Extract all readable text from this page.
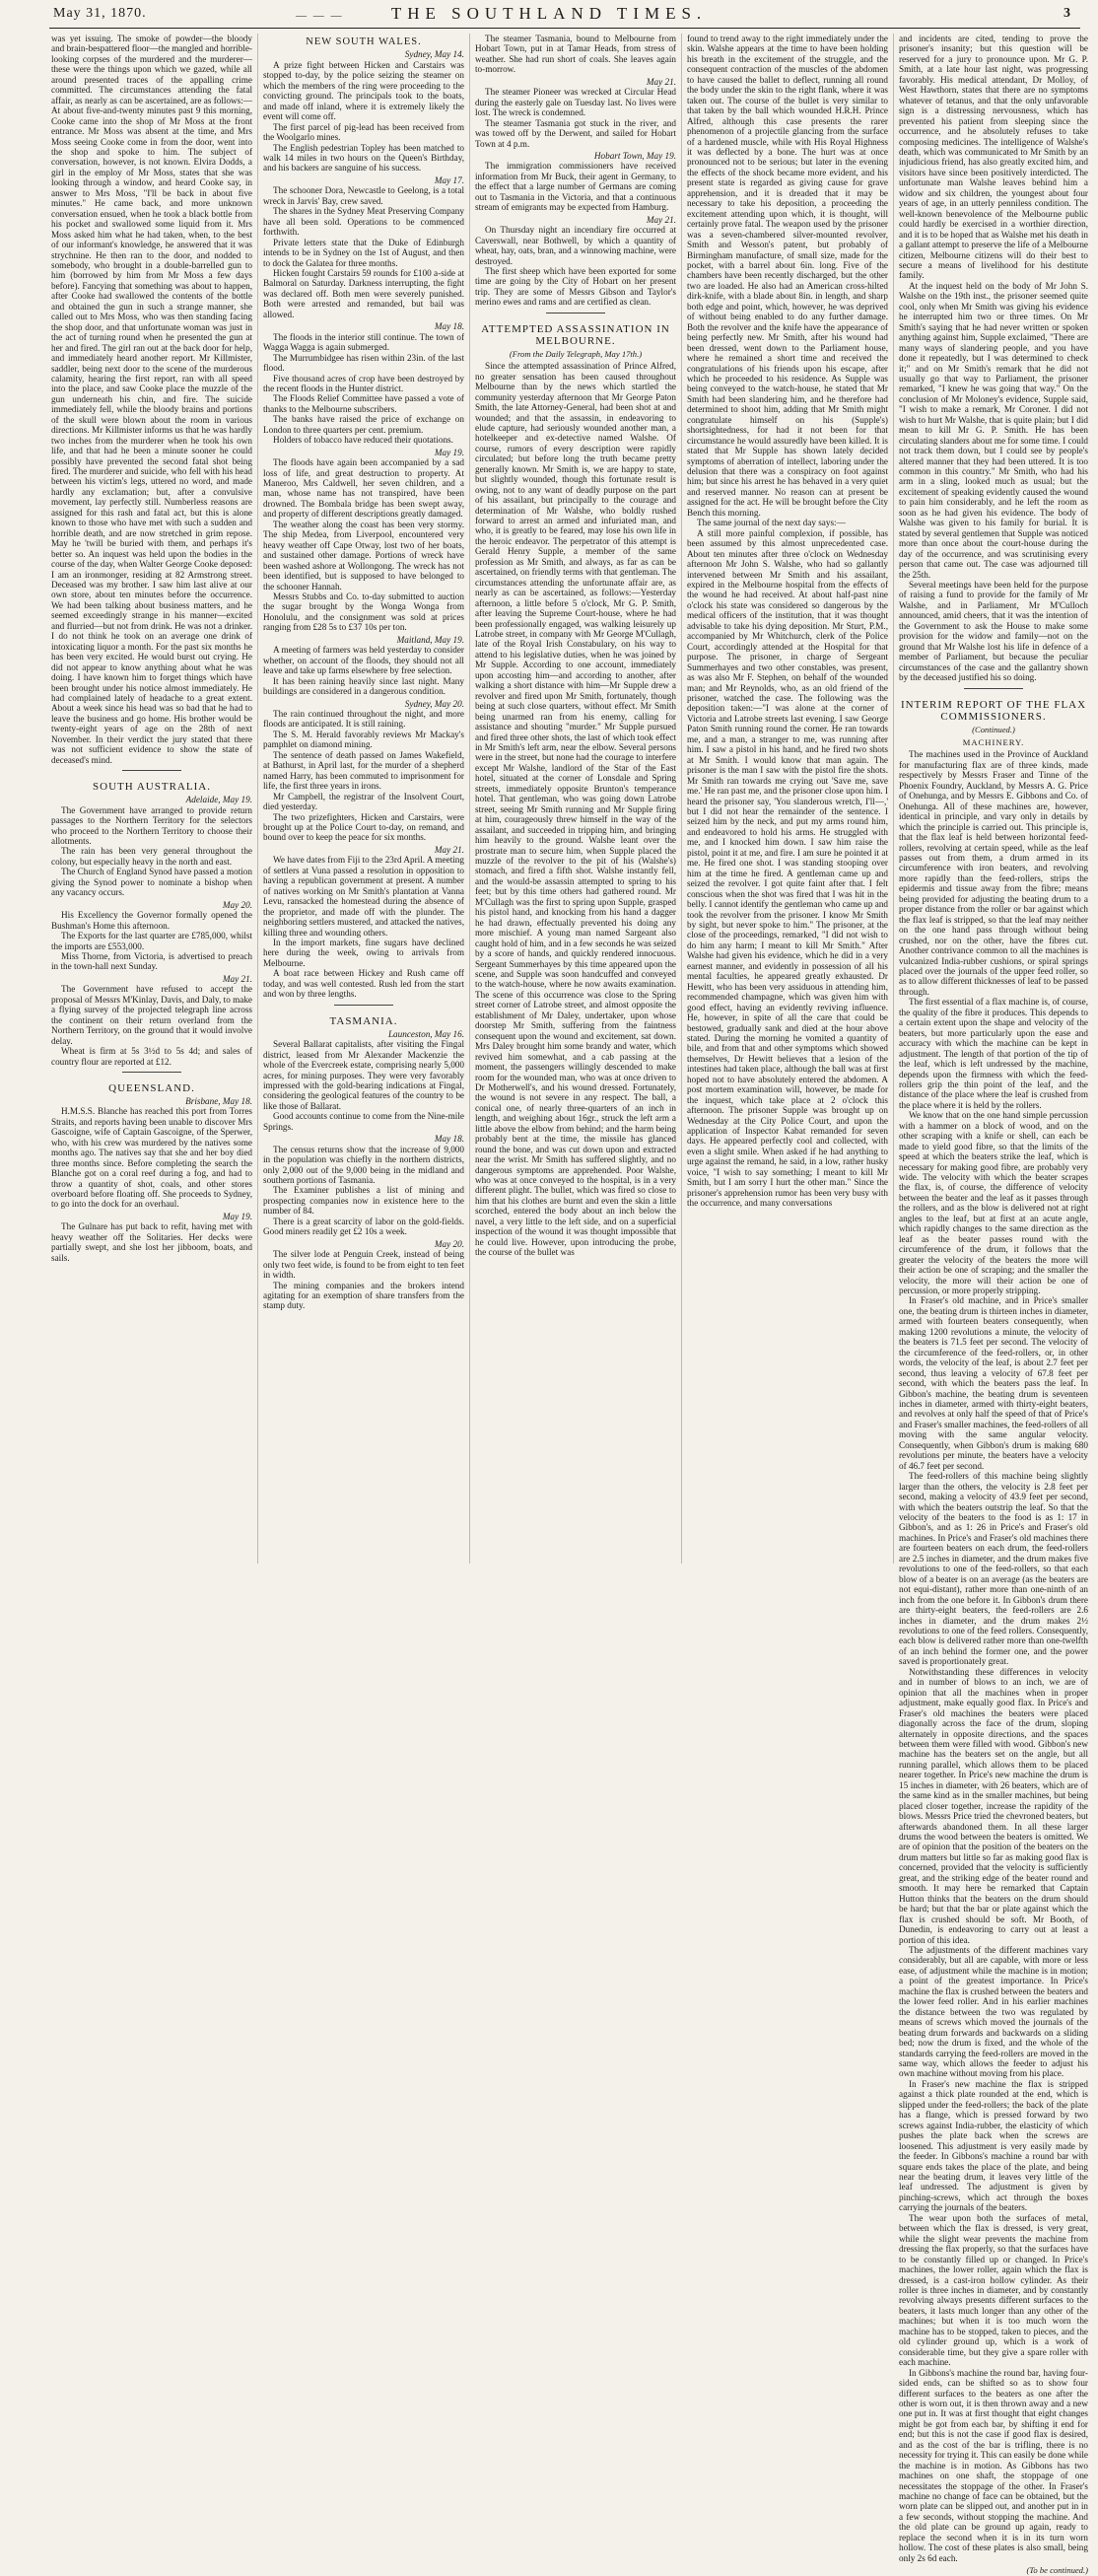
May 31, 1870.	— — —	THE SOUTHLAND TIMES.	3

was yet issuing. The smoke of powder—the bloody and brain-bespattered floor—the mangled and horrible-looking corpses of the murdered and the murderer—these were the things upon which we gazed, while all around presented traces of the appalling crime committed. The circumstances attending the fatal affair, as nearly as can be ascertained, are as follows:—At about five-and-twenty minutes past 9 this morning, Cooke came into the shop of Mr Moss at the front entrance. Mr Moss was absent at the time, and Mrs Moss seeing Cooke come in from the door, went into the shop and spoke to him. The subject of conversation, however, is not known. Elvira Dodds, a girl in the employ of Mr Moss, states that she was looking through a window, and heard Cooke say, in answer to Mrs Moss, "I'll be back in about five minutes." He came back, and more unknown conversation ensued, when he took a black bottle from his pocket and swallowed some liquid from it. Mrs Moss asked him what he had taken, when, to the best of our informant's knowledge, he answered that it was strychnine. He then ran to the door, and nodded to somebody, who brought in a double-barrelled gun to him (borrowed by him from Mr Moss a few days before). Fancying that something was about to happen, after Cooke had swallowed the contents of the bottle and obtained the gun in such a strange manner, she called out to Mrs Moss, who was then standing facing the shop door, and that unfortunate woman was just in the act of turning round when he presented the gun at her and fired. The girl ran out at the back door for help, and immediately heard another report. Mr Killmister, saddler, being next door to the scene of the murderous calamity, hearing the first report, ran with all speed into the place, and saw Cooke place the muzzle of the gun underneath his chin, and fire. The suicide immediately fell, while the bloody brains and portions of the skull were blown about the room in various directions. Mr Killmister informs us that he was hardly two inches from the murderer when he took his own life, and that had he been a minute sooner he could possibly have prevented the second fatal shot being fired. The murderer and suicide, who fell with his head between his victim's legs, uttered no word, and made hardly any exclamation; but, after a convulsive movement, lay perfectly still. Numberless reasons are assigned for this rash and fatal act, but this is alone known to those who have met with such a sudden and horrible death, and are now stretched in grim repose. May he 'twill be buried with them, and perhaps it's better so. An inquest was held upon the bodies in the course of the day, when Walter George Cooke deposed: I am an ironmonger, residing at 82 Armstrong street. Deceased was my brother. I saw him last alive at our own store, about ten minutes before the occurrence. We had been talking about business matters, and he seemed exceedingly strange in his manner—excited and flurried—but not from drink. He was not a drinker. I do not think he took on an average one drink of intoxicating liquor a month. For the past six months he has been very excited. He would burst out crying. He did not appear to know anything about what he was doing. I have known him to forget things which have been brought under his notice almost immediately. He had complained lately of headache to a great extent. About a week since his head was so bad that he had to leave the business and go home. His brother would be twenty-eight years of age on the 28th of next November. In their verdict the jury stated that there was not sufficient evidence to show the state of deceased's mind.

SOUTH AUSTRALIA.
Adelaide, May 19.

The Government have arranged to provide return passages to the Northern Territory for the selectors who proceed to the Northern Territory to choose their allotments.

The rain has been very general throughout the colony, but especially heavy in the north and east.

The Church of England Synod have passed a motion giving the Synod power to nominate a bishop when any vacancy occurs.

May 20.

His Excellency the Governor formally opened the Bushman's Home this afternoon.

The Exports for the last quarter are £785,000, whilst the imports are £553,000.

Miss Thorne, from Victoria, is advertised to preach in the town-hall next Sunday.

May 21.

The Government have refused to accept the proposal of Messrs M'Kinlay, Davis, and Daly, to make a flying survey of the projected telegraph line across the continent on their return overland from the Northern Territory, on the ground that it would involve delay.

Wheat is firm at 5s 3½d to 5s 4d; and sales of country flour are reported at £12.

QUEENSLAND.
Brisbane, May 18.

H.M.S.S. Blanche has reached this port from Torres Straits, and reports having been unable to discover Mrs Gascoigne, wife of Captain Gascoigne, of the Sperwer, who, with his crew was murdered by the natives some months ago. The natives say that she and her boy died three months since. Before completing the search the Blanche got on a coral reef during a fog, and had to throw a quantity of shot, coals, and other stores overboard before floating off. She proceeds to Sydney, to go into the dock for an overhaul.

May 19.

The Gulnare has put back to refit, having met with heavy weather off the Solitaries. Her decks were partially swept, and she lost her jibboom, boats, and sails.

NEW SOUTH WALES.
Sydney, May 14.

A prize fight between Hicken and Carstairs was stopped to-day, by the police seizing the steamer on which the members of the ring were proceeding to the convicting ground. The principals took to the boats, and made off inland, where it is extremely likely the event will come off.

The first parcel of pig-lead has been received from the Woolgarlo mines.

The English pedestrian Topley has been matched to walk 14 miles in two hours on the Queen's Birthday, and his backers are sanguine of his success.

May 17.

The schooner Dora, Newcastle to Geelong, is a total wreck in Jarvis' Bay, crew saved.

The shares in the Sydney Meat Preserving Company have all been sold. Operations to be commenced forthwith.

Private letters state that the Duke of Edinburgh intends to be in Sydney on the 1st of August, and then to dock the Galatea for three months.

Hicken fought Carstairs 59 rounds for £100 a-side at Balmoral on Saturday. Darkness interrupting, the fight was declared off. Both men were severely punished. Both were arrested and remanded, but bail was allowed.

May 18.

The floods in the interior still continue. The town of Wagga Wagga is again submerged.

The Murrumbidgee has risen within 23in. of the last flood.

Five thousand acres of crop have been destroyed by the recent floods in the Hunter district.

The Floods Relief Committee have passed a vote of thanks to the Melbourne subscribers.

The banks have raised the price of exchange on London to three quarters per cent. premium.

Holders of tobacco have reduced their quotations.

May 19.

The floods have again been accompanied by a sad loss of life, and great destruction to property. At Maneroo, Mrs Caldwell, her seven children, and a man, whose name has not transpired, have been drowned. The Bombala bridge has been swept away, and property of different descriptions greatly damaged.

The weather along the coast has been very stormy. The ship Medea, from Liverpool, encountered very heavy weather off Cape Otway, lost two of her boats, and sustained other damage. Portions of wreck have been washed ashore at Wollongong. The wreck has not been identified, but is supposed to have belonged to the schooner Hannah.

Messrs Stubbs and Co. to-day submitted to auction the sugar brought by the Wonga Wonga from Honolulu, and the consignment was sold at prices ranging from £28 5s to £37 10s per ton.

Maitland, May 19.

A meeting of farmers was held yesterday to consider whether, on account of the floods, they should not all leave and take up farms elsewhere by free selection.

It has been raining heavily since last night. Many buildings are considered in a dangerous condition.

Sydney, May 20.

The rain continued throughout the night, and more floods are anticipated. It is still raining.

The S. M. Herald favorably reviews Mr Mackay's pamphlet on diamond mining.

The sentence of death passed on James Wakefield, at Bathurst, in April last, for the murder of a shepherd named Harry, has been commuted to imprisonment for life, the first three years in irons.

Mr Campbell, the registrar of the Insolvent Court, died yesterday.

The two prizefighters, Hicken and Carstairs, were brought up at the Police Court to-day, on remand, and bound over to keep the peace for six months.

May 21.

We have dates from Fiji to the 23rd April. A meeting of settlers at Vuna passed a resolution in opposition to having a republican government at present. A number of natives working on Mr Smith's plantation at Vanna Levu, ransacked the homestead during the absence of the proprietor, and made off with the plunder. The neighboring settlers mustered, and attacked the natives, killing three and wounding others.

In the import markets, fine sugars have declined here during the week, owing to arrivals from Melbourne.

A boat race between Hickey and Rush came off today, and was well contested. Rush led from the start and won by three lengths.

TASMANIA.
Launceston, May 16.

Several Ballarat capitalists, after visiting the Fingal district, leased from Mr Alexander Mackenzie the whole of the Evercreek estate, comprising nearly 5,000 acres, for mining purposes. They were very favorably impressed with the gold-bearing indications at Fingal, considering the geological features of the country to be like those of Ballarat.

Good accounts continue to come from the Nine-mile Springs.

May 18.

The census returns show that the increase of 9,000 in the population was chiefly in the northern districts, only 2,000 out of the 9,000 being in the midland and southern portions of Tasmania.

The Examiner publishes a list of mining and prospecting companies now in existence here to the number of 84.

There is a great scarcity of labor on the gold-fields. Good miners readily get £2 10s a week.

May 20.

The silver lode at Penguin Creek, instead of being only two feet wide, is found to be from eight to ten feet in width.

The mining companies and the brokers intend agitating for an exemption of share transfers from the stamp duty.

The steamer Tasmania, bound to Melbourne from Hobart Town, put in at Tamar Heads, from stress of weather. She had run short of coals. She leaves again to-morrow.

May 21.

The steamer Pioneer was wrecked at Circular Head during the easterly gale on Tuesday last. No lives were lost. The wreck is condemned.

The steamer Tasmania got stuck in the river, and was towed off by the Derwent, and sailed for Hobart Town at 4 p.m.

Hobart Town, May 19.

The immigration commissioners have received information from Mr Buck, their agent in Germany, to the effect that a large number of Germans are coming out to Tasmania in the Victoria, and that a continuous stream of emigrants may be expected from Hamburg.

May 21.

On Thursday night an incendiary fire occurred at Caverswall, near Bothwell, by which a quantity of wheat, hay, oats, bran, and a winnowing machine, were destroyed.

The first sheep which have been exported for some time are going by the City of Hobart on her present trip. They are some of Messrs Gibson and Taylor's merino ewes and rams and are certified as clean.

ATTEMPTED ASSASSINATION IN MELBOURNE.
(From the Daily Telegraph, May 17th.)

Since the attempted assassination of Prince Alfred, no greater sensation has been caused throughout Melbourne than by the news which startled the community yesterday afternoon that Mr George Paton Smith, the late Attorney-General, had been shot at and wounded; and that the assassin, in endeavoring to elude capture, had seriously wounded another man, a hotelkeeper and ex-detective named Walshe. Of course, rumors of every description were rapidly circulated; but before long the truth became pretty generally known. Mr Smith is, we are happy to state, but slightly wounded, though this fortunate result is owing, not to any want of deadly purpose on the part of his assailant, but principally to the courage and determination of Mr Walshe, who boldly rushed forward to arrest an armed and infuriated man, and who, it is greatly to be feared, may lose his own life in the heroic endeavor. The perpetrator of this attempt is Gerald Henry Supple, a member of the same profession as Mr Smith, and always, as far as can be ascertained, on friendly terms with that gentleman. The circumstances attending the unfortunate affair are, as nearly as can be ascertained, as follows:—Yesterday afternoon, a little before 5 o'clock, Mr G. P. Smith, after leaving the Supreme Court-house, where he had been professionally engaged, was walking leisurely up Latrobe street, in company with Mr George M'Cullagh, late of the Royal Irish Constabulary, on his way to attend to his legislative duties, when he was joined by Mr Supple. According to one account, immediately upon accosting him—and according to another, after walking a short distance with him—Mr Supple drew a revolver and fired upon Mr Smith, fortunately, though being at such close quarters, without effect. Mr Smith being unarmed ran from his enemy, calling for assistance and shouting "murder." Mr Supple pursued and fired three other shots, the last of which took effect in Mr Smith's left arm, near the elbow. Several persons were in the street, but none had the courage to interfere except Mr Walshe, landlord of the Star of the East hotel, situated at the corner of Lonsdale and Spring streets, immediately opposite Brunton's temperance hotel. That gentleman, who was going down Latrobe street, seeing Mr Smith running and Mr Supple firing at him, courageously threw himself in the way of the assailant, and succeeded in tripping him, and bringing him heavily to the ground. Walshe leant over the prostrate man to secure him, when Supple placed the muzzle of the revolver to the pit of his (Walshe's) stomach, and fired a fifth shot. Walshe instantly fell, and the would-be assassin attempted to spring to his feet; but by this time others had gathered round. Mr M'Cullagh was the first to spring upon Supple, grasped his pistol hand, and knocking from his hand a dagger he had drawn, effectually prevented his doing any more mischief. A young man named Sargeant also caught hold of him, and in a few seconds he was seized by a score of hands, and quickly rendered innocuous. Sergeant Summerhayes by this time appeared upon the scene, and Supple was soon handcuffed and conveyed to the watch-house, where he now awaits examination. The scene of this occurrence was close to the Spring street corner of Latrobe street, and almost opposite the establishment of Mr Daley, undertaker, upon whose doorstep Mr Smith, suffering from the faintness consequent upon the wound and excitement, sat down. Mrs Daley brought him some brandy and water, which revived him somewhat, and a cab passing at the moment, the passengers willingly descended to make room for the wounded man, who was at once driven to Dr Motherwell's, and his wound dressed. Fortunately, the wound is not severe in any respect. The ball, a conical one, of nearly three-quarters of an inch in length, and weighing about 16gr., struck the left arm a little above the elbow from behind; and the harm being probably bent at the time, the missile has glanced round the bone, and was cut down upon and extracted near the wrist. Mr Smith has suffered slightly, and no dangerous symptoms are apprehended. Poor Walshe, who was at once conveyed to the hospital, is in a very different plight. The bullet, which was fired so close to him that his clothes are burnt and even the skin a little scorched, entered the body about an inch below the navel, a very little to the left side, and on a superficial inspection of the wound it was thought impossible that he could live. However, upon introducing the probe, the course of the bullet was

found to trend away to the right immediately under the skin. Walshe appears at the time to have been holding his breath in the excitement of the struggle, and the consequent contraction of the muscles of the abdomen to have caused the ballet to deflect, running all round the body under the skin to the right flank, where it was taken out. The course of the bullet is very similar to that taken by the ball which wounded H.R.H. Prince Alfred, although this case presents the rarer phenomenon of a projectile glancing from the surface of a hardened muscle, while with His Royal Highness it was deflected by a bone. The hurt was at once pronounced not to be serious; but later in the evening the effects of the shock became more evident, and his present state is regarded as giving cause for grave apprehension, and it is dreaded that it may be necessary to take his deposition, a proceeding the excitement attending upon which, it is thought, will certainly prove fatal. The weapon used by the prisoner was a seven-chambered silver-mounted revolver, Smith and Wesson's patent, but probably of Birmingham manufacture, of small size, made for the pocket, with a barrel about 6in. long. Five of the chambers have been recently discharged, but the other two are loaded. He also had an American cross-hilted dirk-knife, with a blade about 8in. in length, and sharp both edge and point, which, however, he was deprived of without being enabled to do any further damage. Both the revolver and the knife have the appearance of being perfectly new. Mr Smith, after his wound had been dressed, went down to the Parliament house, where he remained a short time and received the congratulations of his friends upon his escape, after which he proceeded to his residence. As Supple was being conveyed to the watch-house, he stated that Mr Smith had been slandering him, and he therefore had determined to shoot him, adding that Mr Smith might congratulate himself on his (Supple's) shortsightedness, for had it not been for that circumstance he would assuredly have been killed. It is stated that Mr Supple has shown lately decided symptoms of aberration of intellect, laboring under the delusion that there was a conspiracy on foot against him; but since his arrest he has behaved in a very quiet and reserved manner. No reason can at present be assigned for the act. He will be brought before the City Bench this morning.

The same journal of the next day says:—

A still more painful complexion, if possible, has been assumed by this almost unprecedented case. About ten minutes after three o'clock on Wednesday afternoon Mr John S. Walshe, who had so gallantly intervened between Mr Smith and his assailant, expired in the Melbourne hospital from the effects of the wound he had received. At about half-past nine o'clock his state was considered so dangerous by the medical officers of the institution, that it was thought advisable to take his dying deposition. Mr Sturt, P.M., accompanied by Mr Whitchurch, clerk of the Police Court, accordingly attended at the Hospital for that purpose. The prisoner, in charge of Sergeant Summerhayes and two other constables, was present, as was also Mr F. Stephen, on behalf of the wounded man; and Mr Reynolds, who, as an old friend of the prisoner, watched the case. The following was the deposition taken:—"I was alone at the corner of Victoria and Latrobe streets last evening. I saw George Paton Smith running round the corner. He ran towards me, and a man, a stranger to me, was running after him. I saw a pistol in his hand, and he fired two shots at Mr Smith. I would know that man again. The prisoner is the man I saw with the pistol fire the shots. Mr Smith ran towards me crying out 'Save me, save me.' He ran past me, and the prisoner close upon him. I heard the prisoner say, 'You slanderous wretch, I'll—,' but I did not hear the remainder of the sentence. I seized him by the neck, and put my arms round him, and endeavored to hold his arms. He struggled with me, and I knocked him down. I saw him raise the pistol, point it at me, and fire. I am sure he pointed it at me. He fired one shot. I was standing stooping over him at the time he fired. A gentleman came up and seized the revolver. I got quite faint after that. I felt conscious when the shot was fired that I was hit in the belly. I cannot identify the gentleman who came up and took the revolver from the prisoner. I know Mr Smith by sight, but never spoke to him." The prisoner, at the close of the proceedings, remarked, "I did not wish to do him any harm; I meant to kill Mr Smith." After Walshe had given his evidence, which he did in a very earnest manner, and evidently in possession of all his mental faculties, he appeared greatly exhausted. Dr Hewitt, who has been very assiduous in attending him, recommended champagne, which was given him with good effect, having an evidently reviving influence. He, however, in spite of all the care that could be bestowed, gradually sank and died at the hour above stated. During the morning he vomited a quantity of bile, and from that and other symptoms which showed themselves, Dr Hewitt believes that a lesion of the intestines had taken place, although the ball was at first hoped not to have absolutely entered the abdomen. A post mortem examination will, however, be made for the inquest, which take place at 2 o'clock this afternoon. The prisoner Supple was brought up on Wednesday at the City Police Court, and upon the application of Inspector Kabat remanded for seven days. He appeared perfectly cool and collected, with even a slight smile. When asked if he had anything to urge against the remand, he said, in a low, rather husky voice, "I wish to say something; I meant to kill Mr Smith, but I am sorry I hurt the other man." Since the prisoner's apprehension rumor has been very busy with the occurrence, and many conversations

and incidents are cited, tending to prove the prisoner's insanity; but this question will be reserved for a jury to pronounce upon. Mr G. P. Smith, at a late hour last night, was progressing favorably. His medical attendant, Dr Molloy, of West Hawthorn, states that there are no symptoms whatever of tetanus, and that the only unfavorable sign is a distressing nervousness, which has prevented his patient from sleeping since the occurrence, and he absolutely refuses to take composing medicines. The intelligence of Walshe's death, which was communicated to Mr Smith by an injudicious friend, has also greatly excited him, and visitors have since been positively interdicted. The unfortunate man Walshe leaves behind him a widow and six children, the youngest about four years of age, in an utterly penniless condition. The well-known benevolence of the Melbourne public could hardly be exercised in a worthier direction, and it is to be hoped that as Walshe met his death in a gallant attempt to preserve the life of a Melbourne citizen, Melbourne citizens will do their best to secure a means of livelihood for his destitute family.

At the inquest held on the body of Mr John S. Walshe on the 19th inst., the prisoner seemed quite cool, only when Mr Smith was giving his evidence he interrupted him two or three times. On Mr Smith's saying that he had never written or spoken anything against him, Supple exclaimed, "There are many ways of slandering people, and you have done it repeatedly, but I was determined to check it;" and on Mr Smith's remark that he did not usually go that way to Parliament, the prisoner remarked, "I knew he was going that way." On the conclusion of Mr Moloney's evidence, Supple said, "I wish to make a remark, Mr Coroner. I did not wish to hurt Mr Walshe, that is quite plain; but I did mean to kill Mr G. P. Smith. He has been circulating slanders about me for some time. I could not track them down, but I could see by people's altered manner that they had been uttered. It is too common in this country." Mr Smith, who had his arm in a sling, looked much as usual; but the excitement of speaking evidently caused the wound to pain him considerably, and he left the room as soon as he had given his evidence. The body of Walshe was given to his family for burial. It is stated by several gentlemen that Supple was noticed more than once about the court-house during the day of the occurrence, and was scrutinising every person that came out. The case was adjourned till the 25th.

Several meetings have been held for the purpose of raising a fund to provide for the family of Mr Walshe, and in Parliament, Mr M'Culloch announced, amid cheers, that it was the intention of the Government to ask the House to make some provision for the widow and family—not on the ground that Mr Walshe lost his life in defence of a member of Parliament, but because the peculiar circumstances of the case and the gallantry shown by the deceased justified his so doing.

INTERIM REPORT OF THE FLAX COMMISSIONERS.
(Continued.)
MACHINERY.

The machines used in the Province of Auckland for manufacturing flax are of three kinds, made respectively by Messrs Fraser and Tinne of the Phoenix Foundry, Auckland, by Messrs A. G. Price of Onehunga, and by Messrs E. Gibbons and Co. of Onehunga. All of these machines are, however, identical in principle, and vary only in details by which the principle is carried out. This principle is, that the flax leaf is held between horizontal feed-rollers, revolving at certain speed, while as the leaf passes out from them, a drum armed in its circumference with iron beaters, and revolving more rapidly than the feed-rollers, strips the epidermis and tissue away from the fibre; means being provided for adjusting the beating drum to a proper distance from the roller or bar against which the flax leaf is stripped, so that the leaf may neither on the one hand pass through without being crushed, nor on the other, have the fibres cut. Another contrivance common to all the machines is vulcanized India-rubber cushions, or spiral springs placed over the journals of the upper feed roller, so as to allow different thicknesses of leaf to be passed through.

The first essential of a flax machine is, of course, the quality of the fibre it produces. This depends to a certain extent upon the shape and velocity of the beaters, but more particularly upon the ease and accuracy with which the machine can be kept in adjustment. The length of that portion of the tip of the leaf, which is left undressed by the machine, depends upon the firmness with which the feed-rollers grip the thin point of the leaf, and the distance of the place where the leaf is crushed from the place where it is held by the rollers.

We know that on the one hand simple percussion with a hammer on a block of wood, and on the other scraping with a knife or shell, can each be made to yield good fibre, so that the limits of the speed at which the beaters strike the leaf, which is necessary for making good fibre, are probably very wide. The velocity with which the beater scrapes the flax, is, of course, the difference of velocity between the beater and the leaf as it passes through the rollers, and as the blow is delivered not at right angles to the leaf, but at first at an acute angle, which rapidly changes to the same direction as the leaf as the beater passes round with the circumference of the drum, it follows that the greater the velocity of the beaters the more will their action be one of scraping; and the smaller the velocity, the more will their action be one of percussion, or more properly stripping.

In Fraser's old machine, and in Price's smaller one, the beating drum is thirteen inches in diameter, armed with fourteen beaters consequently, when making 1200 revolutions a minute, the velocity of the beaters is 71.5 feet per second. The velocity of the circumference of the feed-rollers, or, in other words, the velocity of the leaf, is about 2.7 feet per second, thus leaving a velocity of 67.8 feet per second, with which the beaters pass the leaf. In Gibbon's machine, the beating drum is seventeen inches in diameter, armed with thirty-eight beaters, and revolves at only half the speed of that of Price's and Fraser's smaller machines, the feed-rollers of all moving with the same angular velocity. Consequently, when Gibbon's drum is making 680 revolutions per minute, the beaters have a velocity of 46.7 feet per second.

The feed-rollers of this machine being slightly larger than the others, the velocity is 2.8 feet per second, making a velocity of 43.9 feet per second, with which the beaters outstrip the leaf. So that the velocity of the beaters to the food is as 1: 17 in Gibbon's, and as 1: 26 in Price's and Fraser's old machines. In Price's and Fraser's old machines there are fourteen beaters on each drum, the feed-rollers are 2.5 inches in diameter, and the drum makes five revolutions to one of the feed-rollers, so that each blow of a beater is on an average (as the beaters are not equi-distant), rather more than one-ninth of an inch from the one before it. In Gibbon's drum there are thirty-eight beaters, the feed-rollers are 2.6 inches in diameter, and the drum makes 2½ revolutions to one of the feed rollers. Consequently, each blow is delivered rather more than one-twelfth of an inch behind the former one, and the power saved is proportionately great.

Notwithstanding these differences in velocity and in number of blows to an inch, we are of opinion that all the machines when in proper adjustment, make equally good flax. In Price's and Fraser's old machines the beaters were placed diagonally across the face of the drum, sloping alternately in opposite directions, and the spaces between them were filled with wood. Gibbon's new machine has the beaters set on the angle, but all running parallel, which allows them to be placed nearer together. In Price's new machine the drum is 15 inches in diameter, with 26 beaters, which are of the same kind as in the smaller machines, but being placed closer together, increase the rapidity of the blows. Messrs Price tried the chevroned beaters, but afterwards abandoned them. In all these larger drums the wood between the beaters is omitted. We are of opinion that the position of the beaters on the drum matters but little so far as making good flax is concerned, provided that the velocity is sufficiently great, and the striking edge of the beater round and smooth. It may here be remarked that Captain Hutton thinks that the beaters on the drum should be hard; but that the bar or plate against which the flax is crushed should be soft. Mr Booth, of Dunedin, is endeavoring to carry out at least a portion of this idea.

The adjustments of the different machines vary considerably, but all are capable, with more or less ease, of adjustment while the machine is in motion; a point of the greatest importance. In Price's machine the flax is crushed between the beaters and the lower feed roller. And in his earlier machines the distance between the two was regulated by means of screws which moved the journals of the beating drum forwards and backwards on a sliding bed; now the drum is fixed, and the whole of the standards carrying the feed-rollers are moved in the same way, which allows the feeder to adjust his own machine without moving from his place.

In Fraser's new machine the flax is stripped against a thick plate rounded at the end, which is slipped under the feed-rollers; the back of the plate has a flange, which is pressed forward by two screws against India-rubber, the elasticity of which pushes the plate back when the screws are loosened. This adjustment is very easily made by the feeder. In Gibbons's machine a round bar with square ends takes the place of the plate, and being near the beating drum, it leaves very little of the leaf undressed. The adjustment is given by pinching-screws, which act through the boxes carrying the journals of the beaters.

The wear upon both the surfaces of metal, between which the flax is dressed, is very great, while the slight wear prevents the machine from dressing the flax properly, so that the surfaces have to be constantly filled up or changed. In Price's machines, the lower roller, again which the flax is dressed, is a cast-iron hollow cylinder. As their roller is three inches in diameter, and by constantly revolving always presents different surfaces to the beaters, it lasts much longer than any other of the machines; but when it is too much worn the machine has to be stopped, taken to pieces, and the old cylinder ground up, which is a work of considerable time, but they give a spare roller with each machine.

In Gibbons's machine the round bar, having four-sided ends, can be shifted so as to show four different surfaces to the beaters as one after the other is worn out, it is then thrown away and a new one put in. It was at first thought that eight changes might be got from each bar, by shifting it end for end; but this is not the case if good flax is desired, and as the cost of the bar is trifling, there is no necessity for trying it. This can easily be done while the machine is in motion. As Gibbons has two machines on one shaft, the stoppage of one necessitates the stoppage of the other. In Fraser's machine no change of face can be obtained, but the worn plate can be slipped out, and another put in in a few seconds, without stopping the machine. And the old plate can be ground up again, ready to replace the second when it is in its turn worn hollow. The cost of these plates is also small, being only 2s 6d each.

(To be continued.)
